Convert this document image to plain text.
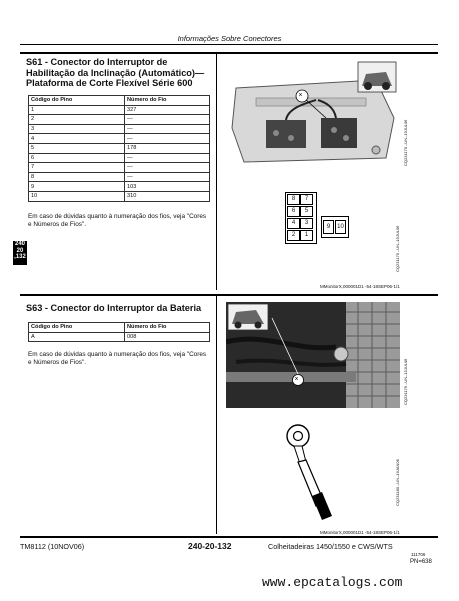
Informações Sobre Conectores
S61 - Conector do Interruptor de Habilitação da Inclinação (Automático)—Plataforma de Corte Flexível Série 600
Código do Pino	Número do Fio
1	327
2	—
3	—
4	—
5	178
6	—
7	—
8	—
9	103
10	310
Em caso de dúvidas quanto à numeração dos fios, veja "Cores e Números de Fios".
X
CQ231170 –UN–19JUL06
8	7
6	5
4	3
2	1
9	10	CQ231175 –UN–19JUL06
MMonitorX,000001D1 -54-18SEP06-1/1
240
20
,132
S63 - Conector do Interruptor da Bateria
Código do Pino	Número do Fio
A	008
Em caso de dúvidas quanto à numeração dos fios, veja "Cores e Números de Fios".
X	CQ231179 –UN–15JUL06
CQ231180 –UN–19JAN06
MMonitorX,000001D1 -54-18SEP06-1/1
TM8112 (10NOV06)	240-20-132	Colheitadeiras 1450/1550 e CWS/WTS
111706
PN=638
www.epcatalogs.com
